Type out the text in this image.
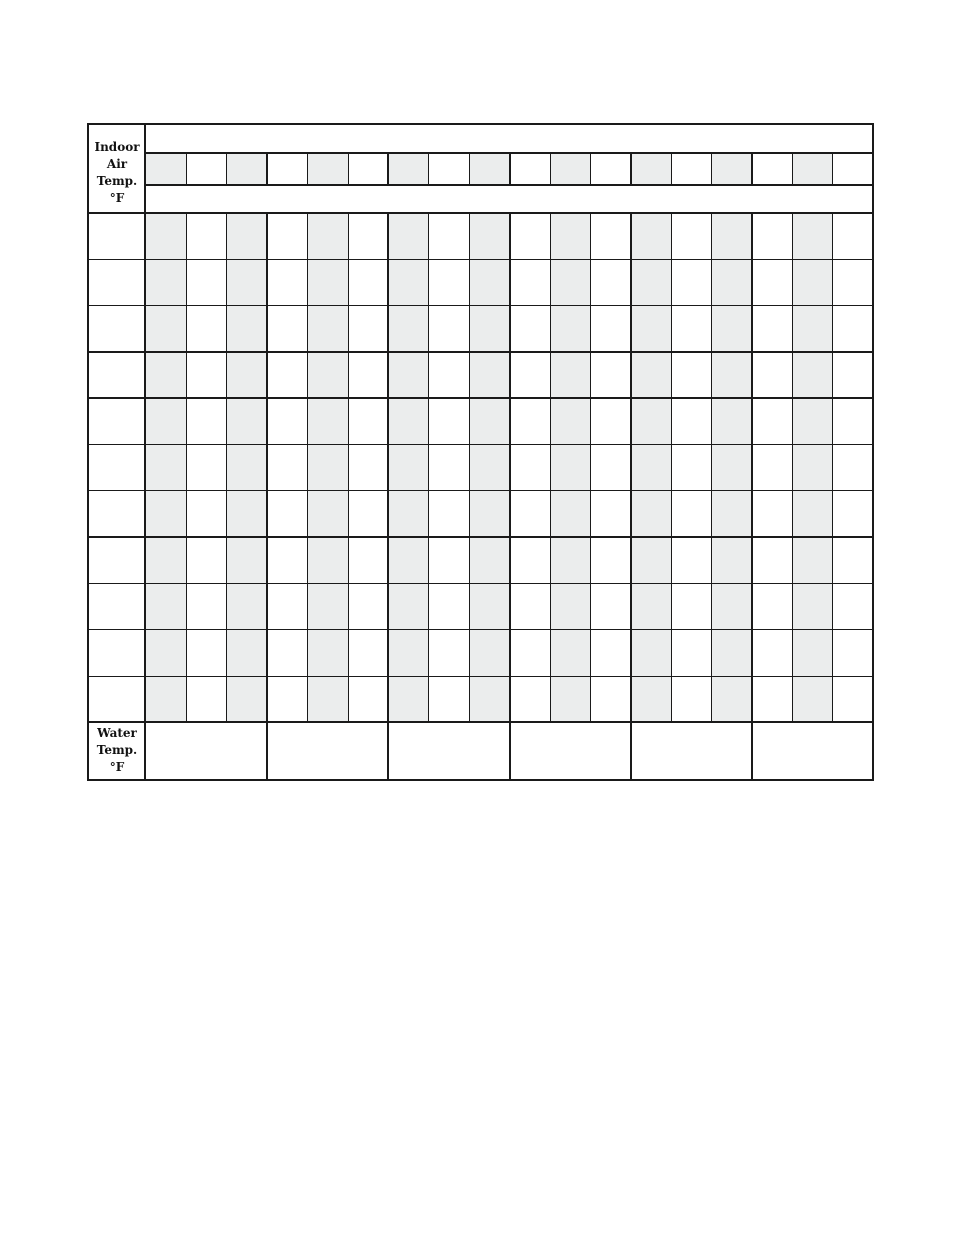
Indoor
Air
Temp.
°F
Water
Temp.
°F
